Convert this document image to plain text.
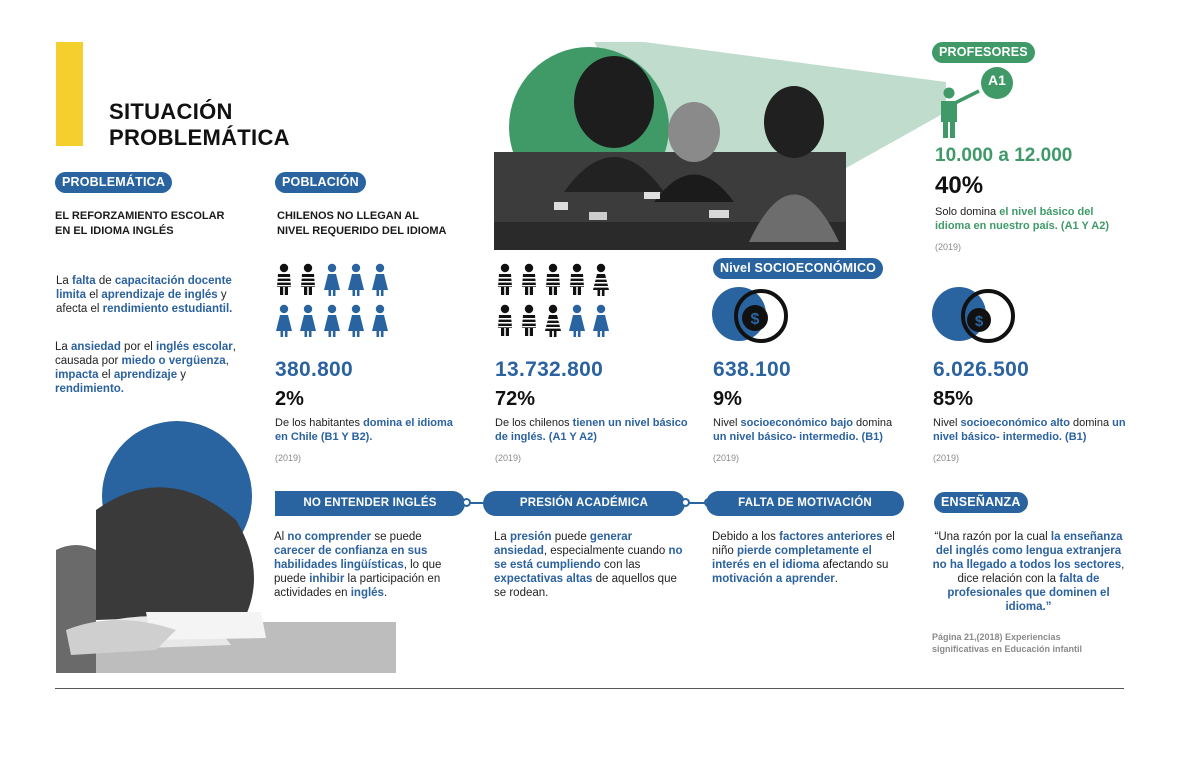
SITUACIÓN
PROBLEMÁTICA
PROFESORES
A1
10.000 a 12.000
40%
Solo domina el nivel básico del idioma en nuestro país. (A1 Y A2)
(2019)
PROBLEMÁTICA
EL REFORZAMIENTO ESCOLAR
EN EL IDIOMA INGLÉS
La falta de capacitación docente limita el aprendizaje de inglés y afecta el rendimiento estudiantil.
La ansiedad por el inglés escolar, causada por miedo o vergüenza, impacta el aprendizaje y rendimiento.
POBLACIÓN
CHILENOS NO LLEGAN AL
NIVEL REQUERIDO DEL IDIOMA
Nivel SOCIOECONÓMICO
$	$
380.800
2%
De los habitantes domina el idioma en Chile (B1 Y B2).
(2019)
13.732.800
72%
De los chilenos tienen un nivel básico de inglés. (A1 Y A2)
(2019)
638.100
9%
Nivel socioeconómico bajo domina un nivel básico- intermedio. (B1)
(2019)
6.026.500
85%
Nivel socioeconómico alto domina un nivel básico- intermedio. (B1)
(2019)
NO ENTENDER INGLÉS	PRESIÓN ACADÉMICA	FALTA DE MOTIVACIÓN	ENSEÑANZA
Al no comprender se puede carecer de confianza en sus habilidades lingüísticas, lo que puede inhibir la participación en actividades en inglés.
La presión puede generar ansiedad, especialmente cuando no se está cumpliendo con las expectativas altas de aquellos que se rodean.
Debido a los factores anteriores el niño pierde completamente el interés en el idioma afectando su motivación a aprender.
“Una razón por la cual la enseñanza del inglés como lengua extranjera no ha llegado a todos los sectores, dice relación con la falta de profesionales que dominen el idioma.”
Página 21,(2018) Experiencias significativas en Educación infantil
